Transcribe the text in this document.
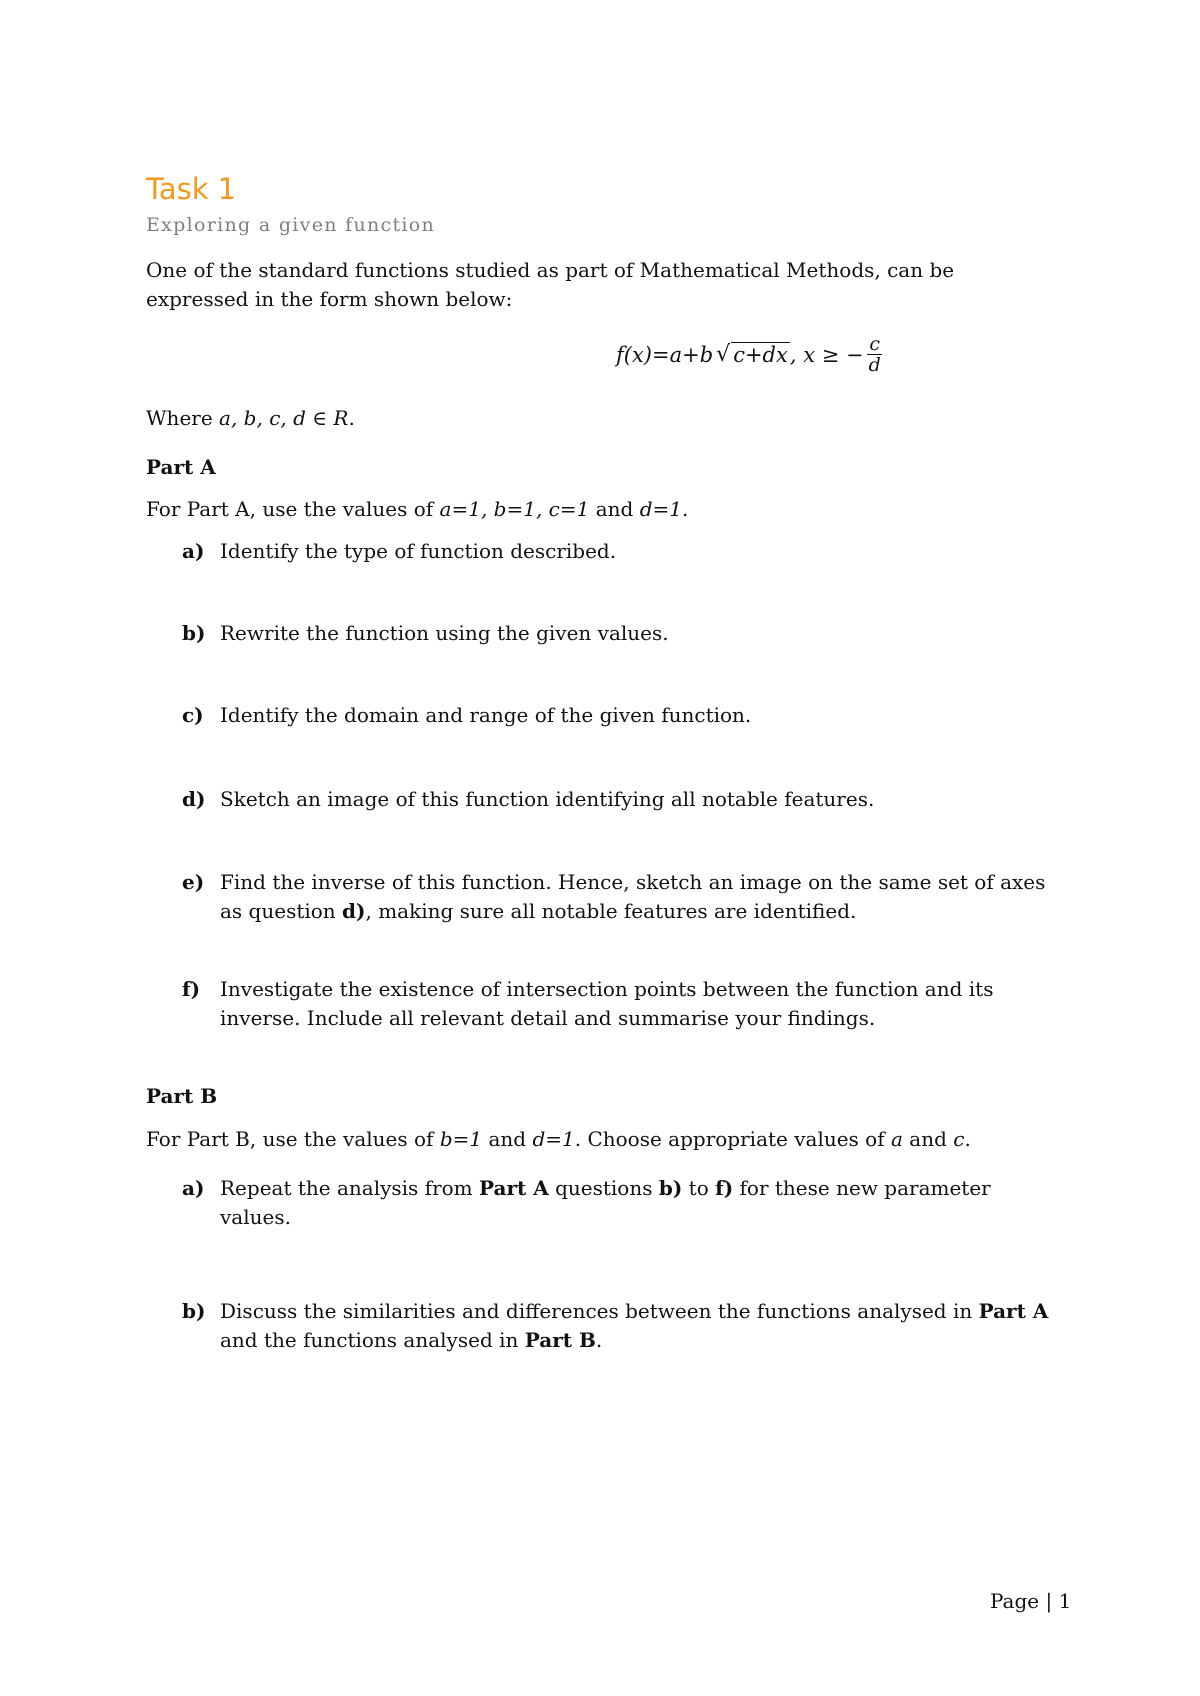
Task 1
Exploring a given function
One of the standard functions studied as part of Mathematical Methods, can be expressed in the form shown below:
f(x)=a+b √ c+dx , x ≥ − $\frac{c}{d}$
Where a, b, c, d ∈ R.
Part A
For Part A, use the values of a=1, b=1, c=1 and d=1.
a) Identify the type of function described.
b) Rewrite the function using the given values.
c) Identify the domain and range of the given function.
d) Sketch an image of this function identifying all notable features.
e) Find the inverse of this function. Hence, sketch an image on the same set of axes as question d), making sure all notable features are identified.
f) Investigate the existence of intersection points between the function and its inverse. Include all relevant detail and summarise your findings.
Part B
For Part B, use the values of b=1 and d=1. Choose appropriate values of a and c.
a) Repeat the analysis from Part A questions b) to f) for these new parameter values.
b) Discuss the similarities and differences between the functions analysed in Part A and the functions analysed in Part B.
Page | 1
